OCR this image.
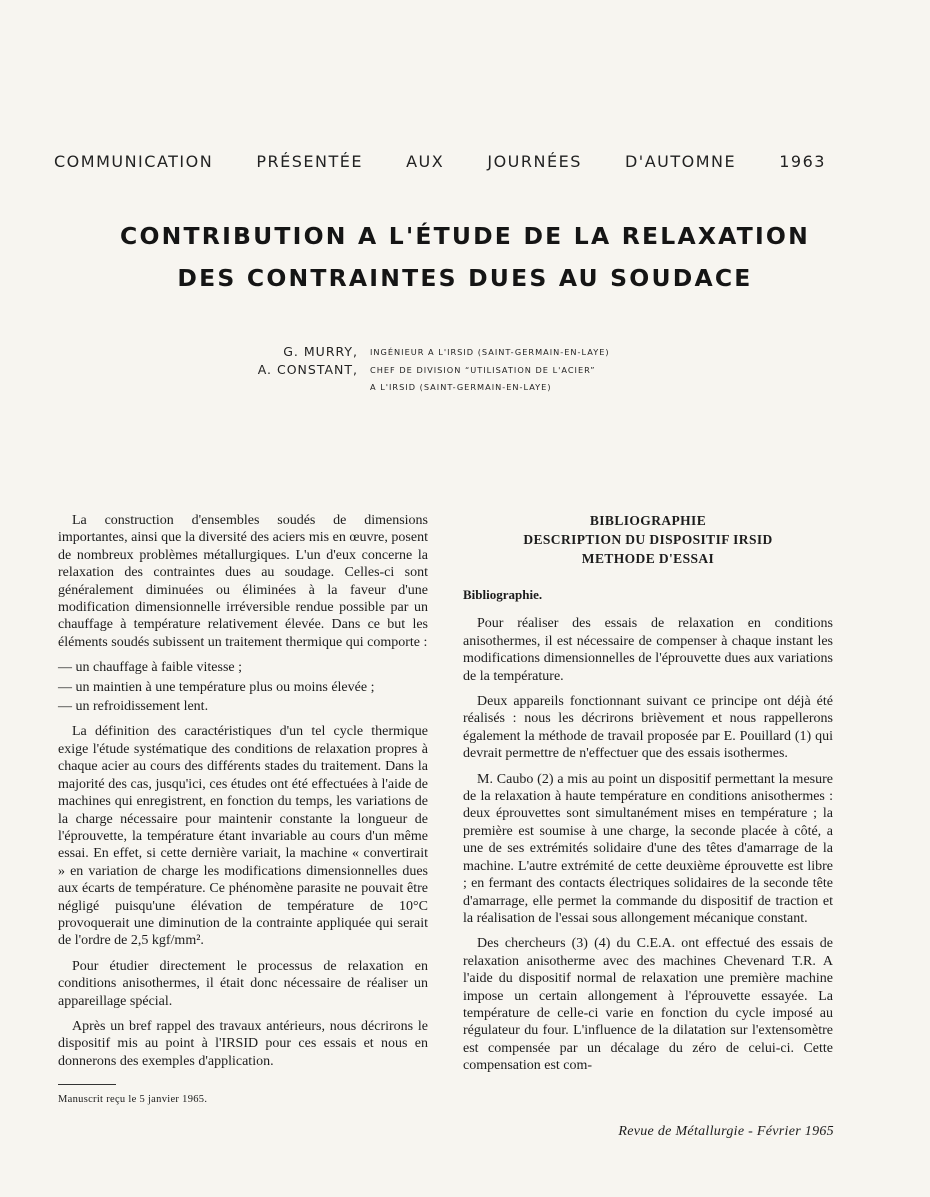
COMMUNICATION	PRÉSENTÉE	AUX	JOURNÉES	D'AUTOMNE	1963
CONTRIBUTION A L'ÉTUDE DE LA RELAXATION
DES CONTRAINTES DUES AU SOUDACE
G. MURRY,	INGÉNIEUR A L'IRSID (SAINT-GERMAIN-EN-LAYE)
A. CONSTANT,	CHEF DE DIVISION “UTILISATION DE L'ACIER”
A L'IRSID (SAINT-GERMAIN-EN-LAYE)

La construction d'ensembles soudés de dimensions importantes, ainsi que la diversité des aciers mis en œuvre, posent de nombreux problèmes métallurgiques. L'un d'eux concerne la relaxation des contraintes dues au soudage. Celles-ci sont généralement diminuées ou éliminées à la faveur d'une modification dimensionnelle irréversible rendue possible par un chauffage à température relativement élevée. Dans ce but les éléments soudés subissent un traitement thermique qui comporte :

— un chauffage à faible vitesse ;

— un maintien à une température plus ou moins élevée ;

— un refroidissement lent.

La définition des caractéristiques d'un tel cycle thermique exige l'étude systématique des conditions de relaxation propres à chaque acier au cours des différents stades du traitement. Dans la majorité des cas, jusqu'ici, ces études ont été effectuées à l'aide de machines qui enregistrent, en fonction du temps, les variations de la charge nécessaire pour maintenir constante la longueur de l'éprouvette, la température étant invariable au cours d'un même essai. En effet, si cette dernière variait, la machine « convertirait » en variation de charge les modifications dimensionnelles dues aux écarts de température. Ce phénomène parasite ne pouvait être négligé puisqu'une élévation de température de 10°C provoquerait une diminution de la contrainte appliquée qui serait de l'ordre de 2,5 kgf/mm².

Pour étudier directement le processus de relaxation en conditions anisothermes, il était donc nécessaire de réaliser un appareillage spécial.

Après un bref rappel des travaux antérieurs, nous décrirons le dispositif mis au point à l'IRSID pour ces essais et nous en donnerons des exemples d'application.

Manuscrit reçu le 5 janvier 1965.
BIBLIOGRAPHIE
DESCRIPTION DU DISPOSITIF IRSID
METHODE D'ESSAI
Bibliographie.

Pour réaliser des essais de relaxation en conditions anisothermes, il est nécessaire de compenser à chaque instant les modifications dimensionnelles de l'éprouvette dues aux variations de la température.

Deux appareils fonctionnant suivant ce principe ont déjà été réalisés : nous les décrirons brièvement et nous rappellerons également la méthode de travail proposée par E. Pouillard (1) qui devrait permettre de n'effectuer que des essais isothermes.

M. Caubo (2) a mis au point un dispositif permettant la mesure de la relaxation à haute température en conditions anisothermes : deux éprouvettes sont simultanément mises en température ; la première est soumise à une charge, la seconde placée à côté, a une de ses extrémités solidaire d'une des têtes d'amarrage de la machine. L'autre extrémité de cette deuxième éprouvette est libre ; en fermant des contacts électriques solidaires de la seconde tête d'amarrage, elle permet la commande du dispositif de traction et la réalisation de l'essai sous allongement mécanique constant.

Des chercheurs (3) (4) du C.E.A. ont effectué des essais de relaxation anisotherme avec des machines Chevenard T.R. A l'aide du dispositif normal de relaxation une première machine impose un certain allongement à l'éprouvette essayée. La température de celle-ci varie en fonction du cycle imposé au régulateur du four. L'influence de la dilatation sur l'extensomètre est compensée par un décalage du zéro de celui-ci. Cette compensation est com-

Revue de Métallurgie - Février 1965
